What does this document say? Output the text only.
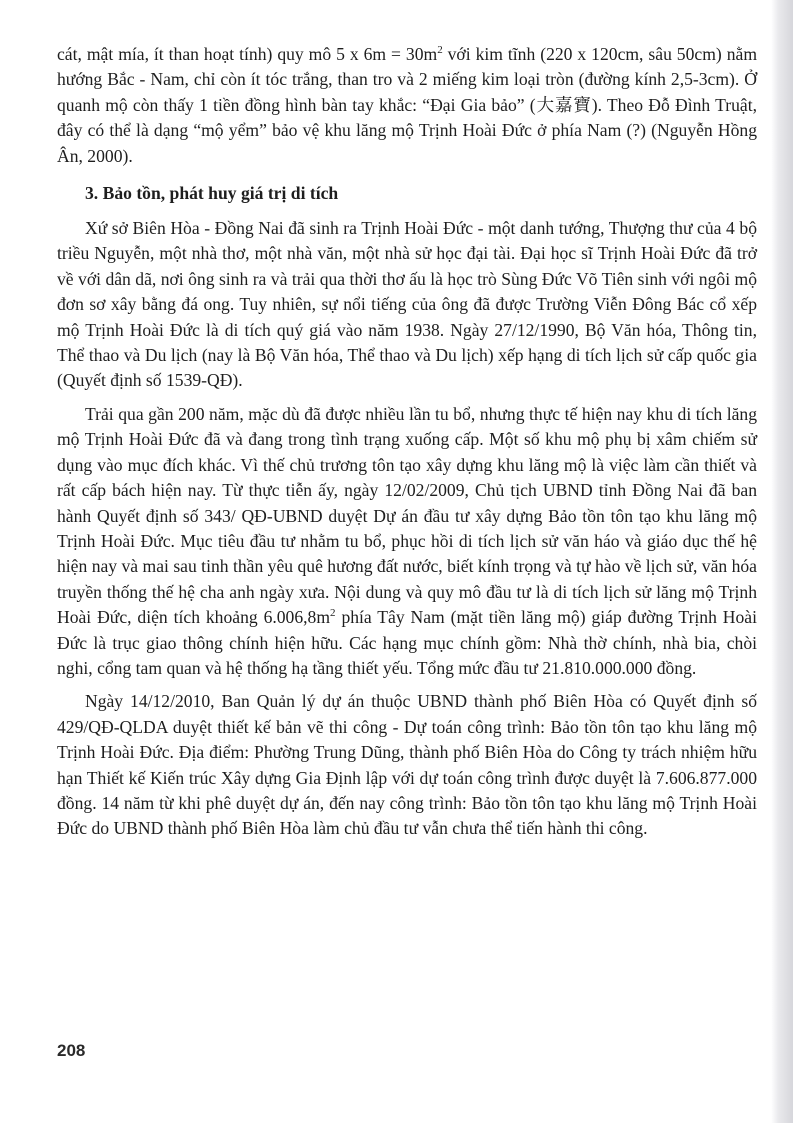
cát, mật mía, ít than hoạt tính) quy mô 5 x $6m = 30m^2$ với kim tĩnh (220 x 120cm, sâu 50cm) nằm hướng Bắc - Nam, chỉ còn ít tóc trắng, than tro và 2 miếng kim loại tròn (đường kính 2,5-3cm). Ở quanh mộ còn thấy 1 tiền đồng hình bàn tay khắc: “Đại Gia bảo” (大嘉寶). Theo Đỗ Đình Truật, đây có thể là dạng “mộ yểm” bảo vệ khu lăng mộ Trịnh Hoài Đức ở phía Nam (?) (Nguyễn Hồng Ân, 2000).

3. Bảo tồn, phát huy giá trị di tích

Xứ sở Biên Hòa - Đồng Nai đã sinh ra Trịnh Hoài Đức - một danh tướng, Thượng thư của 4 bộ triều Nguyễn, một nhà thơ, một nhà văn, một nhà sử học đại tài. Đại học sĩ Trịnh Hoài Đức đã trở về với dân dã, nơi ông sinh ra và trải qua thời thơ ấu là học trò Sùng Đức Võ Tiên sinh với ngôi mộ đơn sơ xây bằng đá ong. Tuy nhiên, sự nổi tiếng của ông đã được Trường Viễn Đông Bác cổ xếp mộ Trịnh Hoài Đức là di tích quý giá vào năm 1938. Ngày 27/12/1990, Bộ Văn hóa, Thông tin, Thể thao và Du lịch (nay là Bộ Văn hóa, Thể thao và Du lịch) xếp hạng di tích lịch sử cấp quốc gia (Quyết định số 1539-QĐ).

Trải qua gần 200 năm, mặc dù đã được nhiều lần tu bổ, nhưng thực tế hiện nay khu di tích lăng mộ Trịnh Hoài Đức đã và đang trong tình trạng xuống cấp. Một số khu mộ phụ bị xâm chiếm sử dụng vào mục đích khác. Vì thế chủ trương tôn tạo xây dựng khu lăng mộ là việc làm cần thiết và rất cấp bách hiện nay. Từ thực tiễn ấy, ngày 12/02/2009, Chủ tịch UBND tỉnh Đồng Nai đã ban hành Quyết định số 343/ QĐ-UBND duyệt Dự án đầu tư xây dựng Bảo tồn tôn tạo khu lăng mộ Trịnh Hoài Đức. Mục tiêu đầu tư nhằm tu bổ, phục hồi di tích lịch sử văn háo và giáo dục thế hệ hiện nay và mai sau tinh thần yêu quê hương đất nước, biết kính trọng và tự hào về lịch sử, văn hóa truyền thống thế hệ cha anh ngày xưa. Nội dung và quy mô đầu tư là di tích lịch sử lăng mộ Trịnh Hoài Đức, diện tích khoảng $6.006,8m^2$ phía Tây Nam (mặt tiền lăng mộ) giáp đường Trịnh Hoài Đức là trục giao thông chính hiện hữu. Các hạng mục chính gồm: Nhà thờ chính, nhà bia, chòi nghi, cổng tam quan và hệ thống hạ tầng thiết yếu. Tổng mức đầu tư 21.810.000.000 đồng.

Ngày 14/12/2010, Ban Quản lý dự án thuộc UBND thành phố Biên Hòa có Quyết định số 429/QĐ-QLDA duyệt thiết kế bản vẽ thi công - Dự toán công trình: Bảo tồn tôn tạo khu lăng mộ Trịnh Hoài Đức. Địa điểm: Phường Trung Dũng, thành phố Biên Hòa do Công ty trách nhiệm hữu hạn Thiết kế Kiến trúc Xây dựng Gia Định lập với dự toán công trình được duyệt là 7.606.877.000 đồng. 14 năm từ khi phê duyệt dự án, đến nay công trình: Bảo tồn tôn tạo khu lăng mộ Trịnh Hoài Đức do UBND thành phố Biên Hòa làm chủ đầu tư vẫn chưa thể tiến hành thi công.

208
